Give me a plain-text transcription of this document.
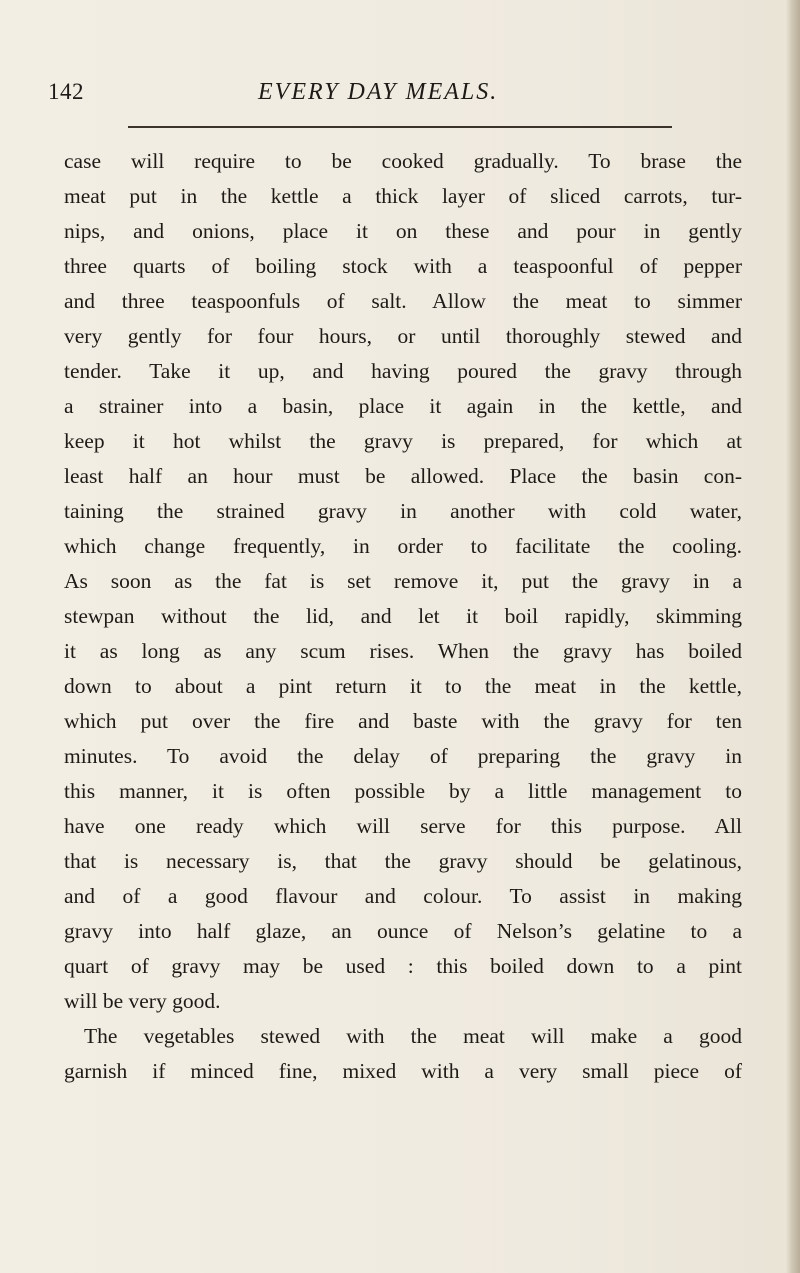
142	EVERY DAY MEALS.
case will require to be cooked gradually. To brase the
meat put in the kettle a thick layer of sliced carrots, tur-
nips, and onions, place it on these and pour in gently
three quarts of boiling stock with a teaspoonful of pepper
and three teaspoonfuls of salt. Allow the meat to simmer
very gently for four hours, or until thoroughly stewed and
tender. Take it up, and having poured the gravy through
a strainer into a basin, place it again in the kettle, and
keep it hot whilst the gravy is prepared, for which at
least half an hour must be allowed. Place the basin con-
taining the strained gravy in another with cold water,
which change frequently, in order to facilitate the cooling.
As soon as the fat is set remove it, put the gravy in a
stewpan without the lid, and let it boil rapidly, skimming
it as long as any scum rises. When the gravy has boiled
down to about a pint return it to the meat in the kettle,
which put over the fire and baste with the gravy for ten
minutes. To avoid the delay of preparing the gravy in
this manner, it is often possible by a little management to
have one ready which will serve for this purpose. All
that is necessary is, that the gravy should be gelatinous,
and of a good flavour and colour. To assist in making
gravy into half glaze, an ounce of Nelson’s gelatine to a
quart of gravy may be used : this boiled down to a pint
will be very good.
The vegetables stewed with the meat will make a good
garnish if minced fine, mixed with a very small piece of
